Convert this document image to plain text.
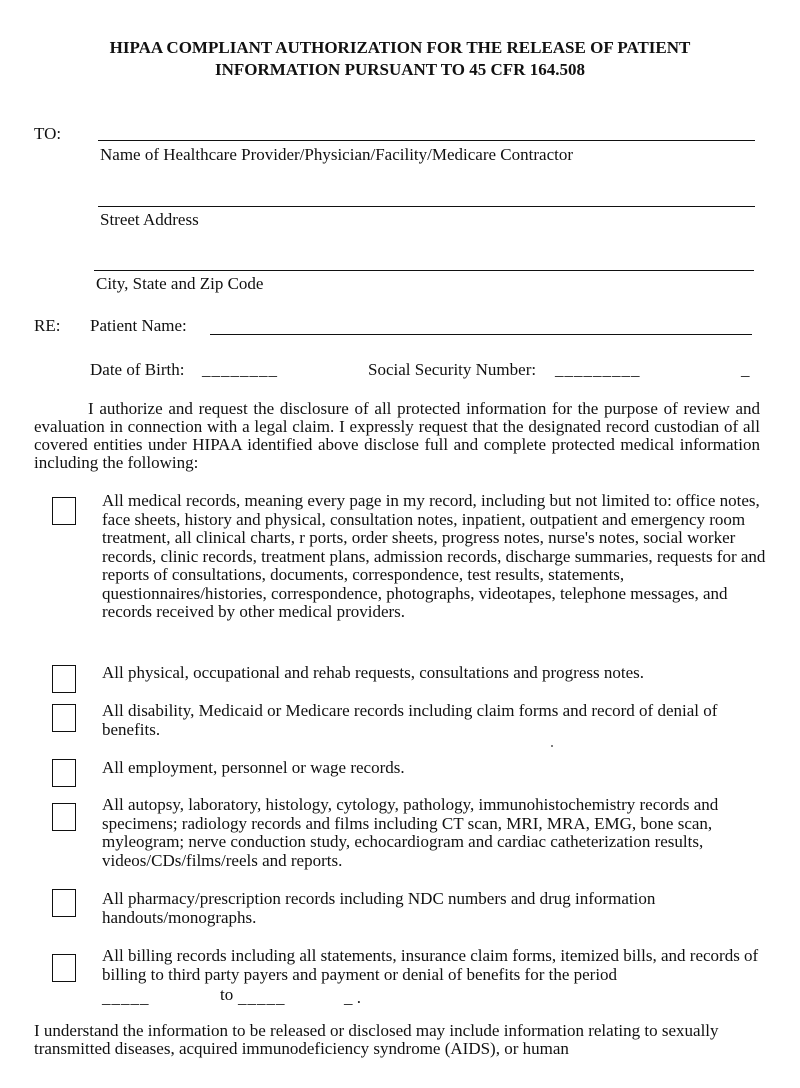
HIPAA COMPLIANT AUTHORIZATION FOR THE RELEASE OF PATIENT
INFORMATION PURSUANT TO 45 CFR 164.508
TO:
Name of Healthcare Provider/Physician/Facility/Medicare Contractor
Street Address
City, State and Zip Code
RE: Patient Name:
Date of Birth: ________	Social Security Number: _________	_
I authorize and request the disclosure of all protected information for the purpose of review and evaluation in connection with a legal claim. I expressly request that the designated record custodian of all covered entities under HIPAA identified above disclose full and complete protected medical information including the following:
All medical records, meaning every page in my record, including but not limited to: office notes, face sheets, history and physical, consultation notes, inpatient, outpatient and emergency room treatment, all clinical charts, r ports, order sheets, progress notes, nurse's notes, social worker records, clinic records, treatment plans, admission records, discharge summaries, requests for and reports of consultations, documents, correspondence, test results, statements, questionnaires/histories, correspondence, photographs, videotapes, telephone messages, and records received by other medical providers.
All physical, occupational and rehab requests, consultations and progress notes.
All disability, Medicaid or Medicare records including claim forms and record of denial of benefits.
All employment, personnel or wage records.
All autopsy, laboratory, histology, cytology, pathology, immunohistochemistry records and specimens; radiology records and films including CT scan, MRI, MRA, EMG, bone scan, myleogram; nerve conduction study, echocardiogram and cardiac catheterization results, videos/CDs/films/reels and reports.
All pharmacy/prescription records including NDC numbers and drug information handouts/monographs.
All billing records including all statements, insurance claim forms, itemized bills, and records of billing to third party payers and payment or denial of benefits for the period
_____	to _____	_ .
I understand the information to be released or disclosed may include information relating to sexually transmitted diseases, acquired immunodeficiency syndrome (AIDS), or human
